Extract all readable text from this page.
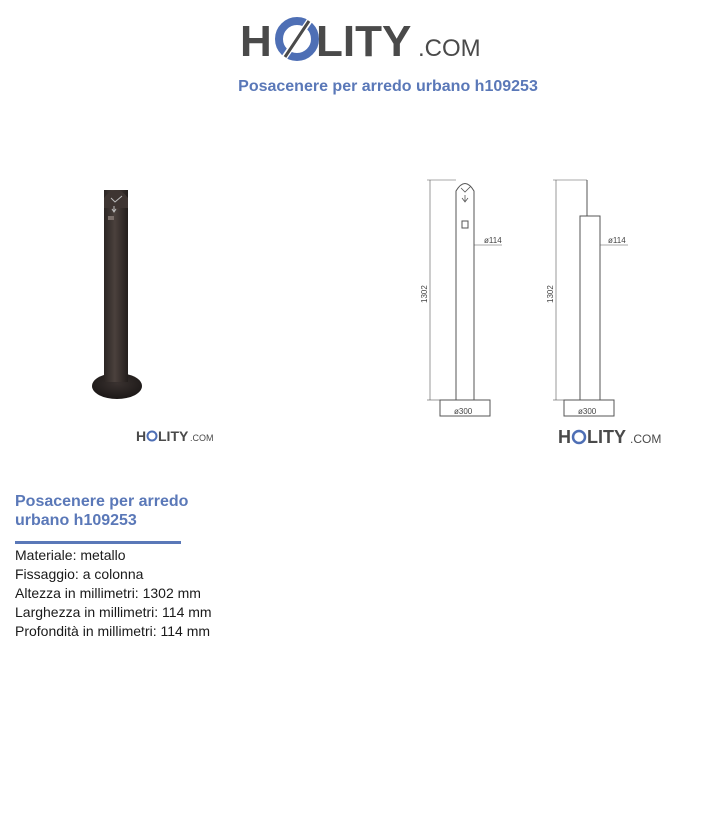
H LITY .COM
Posacenere per arredo urbano h109253
1302
ø114
ø300
1302
ø114
ø300
H LITY .COM	H LITY .COM
Posacenere per arredo urbano h109253
Materiale: metallo
Fissaggio: a colonna
Altezza in millimetri: 1302 mm
Larghezza in millimetri: 114 mm
Profondità in millimetri: 114 mm
